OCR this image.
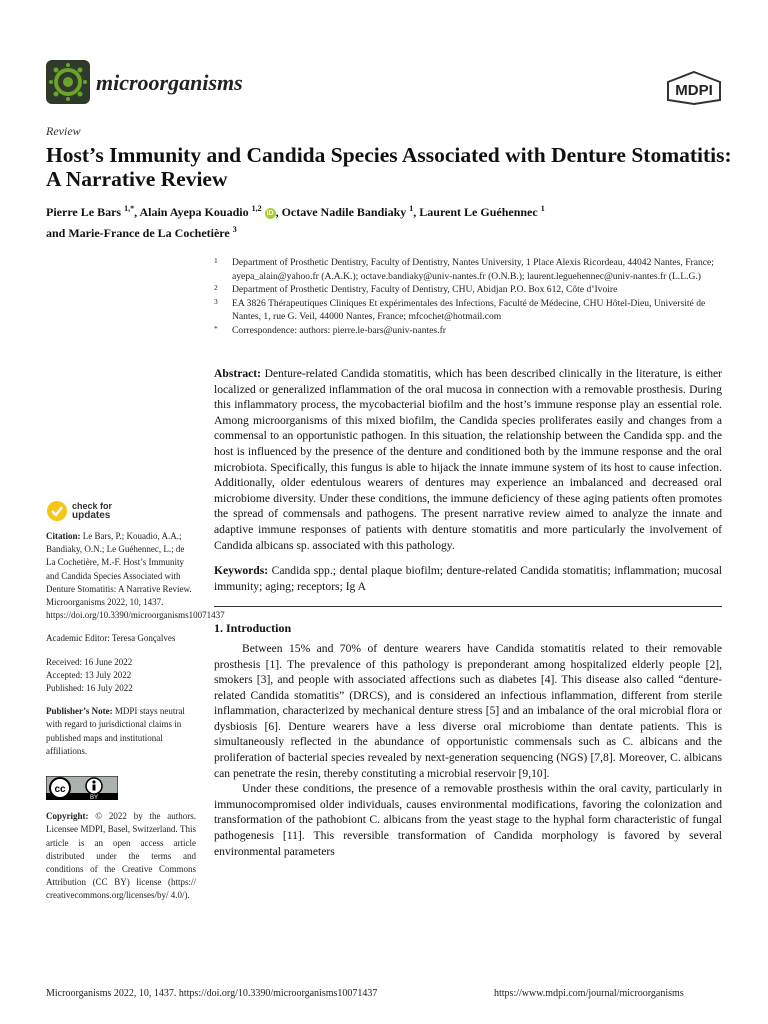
microorganisms	MDPI
Review
Host’s Immunity and Candida Species Associated with Denture Stomatitis: A Narrative Review
Pierre Le Bars $^{1,*}$, Alain Ayepa Kouadio $^{1,2}$ iD , Octave Nadile Bandiaky $^1$, Laurent Le Guéhennec $^1$
and Marie-France de La Cochetière $^3$
1 Department of Prosthetic Dentistry, Faculty of Dentistry, Nantes University, 1 Place Alexis Ricordeau, 44042 Nantes, France; ayepa_alain@yahoo.fr (A.A.K.); octave.bandiaky@univ-nantes.fr (O.N.B.); laurent.leguehennec@univ-nantes.fr (L.L.G.)
2 Department of Prosthetic Dentistry, Faculty of Dentistry, CHU, Abidjan P.O. Box 612, Côte d’Ivoire
3 EA 3826 Thérapeutiques Cliniques Et expérimentales des Infections, Faculté de Médecine, CHU Hôtel-Dieu, Université de Nantes, 1, rue G. Veil, 44000 Nantes, France; mfcochet@hotmail.com
* Correspondence: authors: pierre.le-bars@univ-nantes.fr
check for
updates

Citation: Le Bars, P.; Kouadio, A.A.; Bandiaky, O.N.; Le Guéhennec, L.; de La Cochetière, M.-F. Host’s Immunity and Candida Species Associated with Denture Stomatitis: A Narrative Review. Microorganisms 2022, 10, 1437. https://doi.org/10.3390/microorganisms10071437

Academic Editor: Teresa Gonçalves

Received: 16 June 2022
Accepted: 13 July 2022
Published: 16 July 2022

Publisher’s Note: MDPI stays neutral with regard to jurisdictional claims in published maps and institutional affiliations.

cc
BY

Copyright: © 2022 by the authors. Licensee MDPI, Basel, Switzerland. This article is an open access article distributed under the terms and conditions of the Creative Commons Attribution (CC BY) license (https:// creativecommons.org/licenses/by/ 4.0/).

Abstract: Denture-related Candida stomatitis, which has been described clinically in the literature, is either localized or generalized inflammation of the oral mucosa in connection with a removable prosthesis. During this inflammatory process, the mycobacterial biofilm and the host’s immune response play an essential role. Among microorganisms of this mixed biofilm, the Candida species proliferates easily and changes from a commensal to an opportunistic pathogen. In this situation, the relationship between the Candida spp. and the host is influenced by the presence of the denture and conditioned both by the immune response and the oral microbiota. Specifically, this fungus is able to hijack the innate immune system of its host to cause infection. Additionally, older edentulous wearers of dentures may experience an imbalanced and decreased oral microbiome diversity. Under these conditions, the immune deficiency of these aging patients often promotes the spread of commensals and pathogens. The present narrative review aimed to analyze the innate and adaptive immune responses of patients with denture stomatitis and more particularly the involvement of Candida albicans sp. associated with this pathology.

Keywords: Candida spp.; dental plaque biofilm; denture-related Candida stomatitis; inflammation; mucosal immunity; aging; receptors; Ig A

1. Introduction

Between 15% and 70% of denture wearers have Candida stomatitis related to their removable prosthesis [1]. The prevalence of this pathology is preponderant among hospitalized elderly people [2], smokers [3], and people with associated affections such as diabetes [4]. This disease also called “denture-related Candida stomatitis” (DRCS), and is considered an infectious inflammation, different from sterile inflammation, characterized by mechanical denture stress [5] and an imbalance of the oral microbial flora or dysbiosis [6]. Denture wearers have a less diverse oral microbiome than dentate patients. This is simultaneously reflected in the abundance of opportunistic commensals such as C. albicans and the proliferation of bacterial species revealed by next-generation sequencing (NGS) [7,8]. Moreover, C. albicans can penetrate the resin, thereby constituting a microbial reservoir [9,10].

Under these conditions, the presence of a removable prosthesis within the oral cavity, particularly in immunocompromised older individuals, causes environmental modifications, favoring the colonization and transformation of the pathobiont C. albicans from the yeast stage to the hyphal form characteristic of fungal pathogenesis [11]. This reversible transformation of Candida morphology is favored by several environmental parameters

Microorganisms 2022, 10, 1437. https://doi.org/10.3390/microorganisms10071437	https://www.mdpi.com/journal/microorganisms
